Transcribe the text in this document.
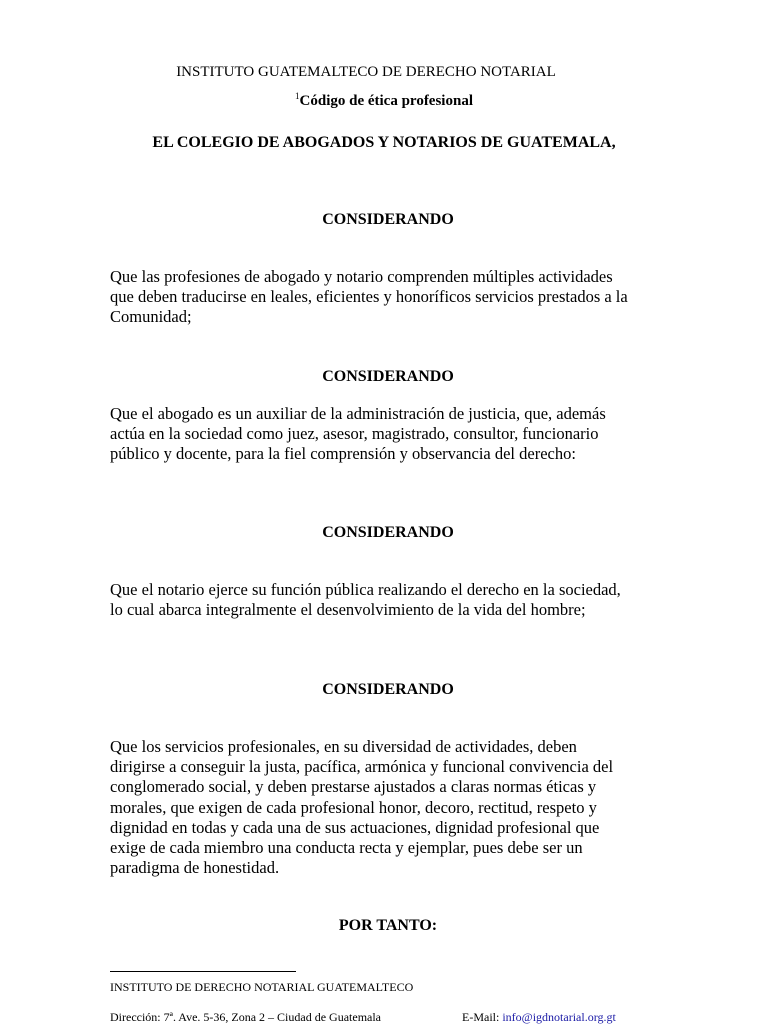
INSTITUTO GUATEMALTECO DE DERECHO NOTARIAL

$^1$Código de ética profesional

EL COLEGIO DE ABOGADOS Y NOTARIOS DE GUATEMALA,

CONSIDERANDO

Que las profesiones de abogado y notario comprenden múltiples actividades
que deben traducirse en leales, eficientes y honoríficos servicios prestados a la
Comunidad;

CONSIDERANDO

Que el abogado es un auxiliar de la administración de justicia, que, además
actúa en la sociedad como juez, asesor, magistrado, consultor, funcionario
público y docente, para la fiel comprensión y observancia del derecho:

CONSIDERANDO

Que el notario ejerce su función pública realizando el derecho en la sociedad,
lo cual abarca integralmente el desenvolvimiento de la vida del hombre;

CONSIDERANDO

Que los servicios profesionales, en su diversidad de actividades, deben
dirigirse a conseguir la justa, pacífica, armónica y funcional convivencia del
conglomerado social, y deben prestarse ajustados a claras normas éticas y
morales, que exigen de cada profesional honor, decoro, rectitud, respeto y
dignidad en todas y cada una de sus actuaciones, dignidad profesional que
exige de cada miembro una conducta recta y ejemplar, pues debe ser un
paradigma de honestidad.

POR TANTO:

INSTITUTO DE DERECHO NOTARIAL GUATEMALTECO

Dirección: 7ª. Ave. 5-36, Zona 2 – Ciudad de Guatemala	E-Mail: info@igdnotarial.org.gt
